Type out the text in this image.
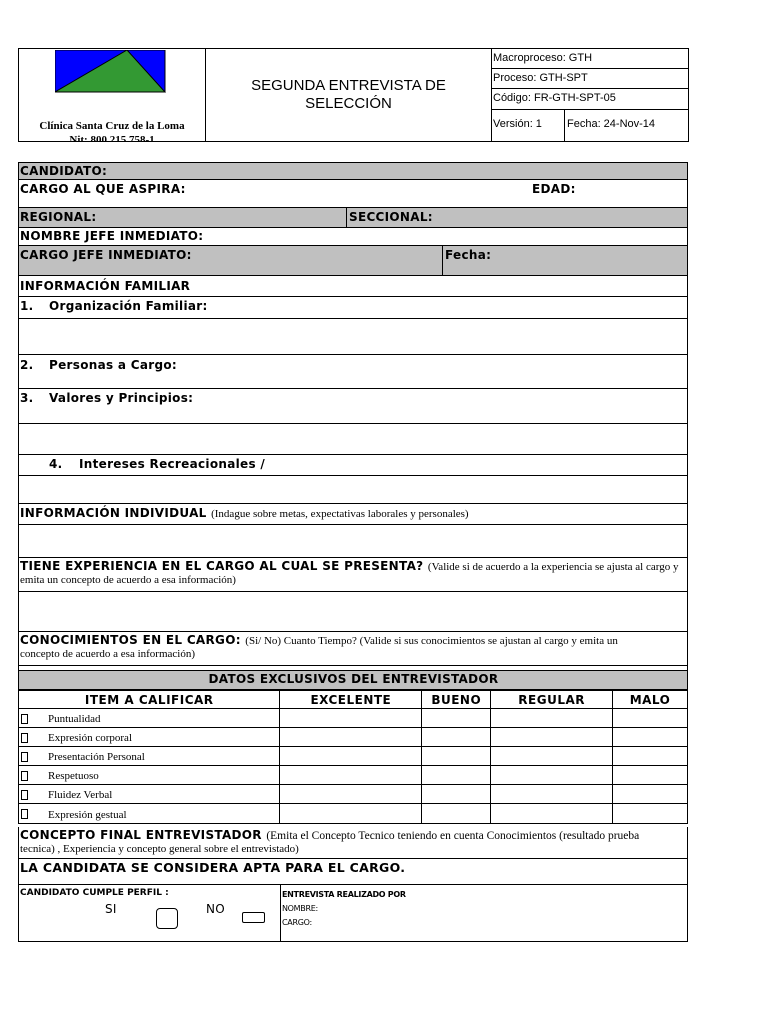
Clínica Santa Cruz de la Loma
Nit: 800 215 758-1
SEGUNDA ENTREVISTA DE
SELECCIÓN
Macroproceso: GTH
Proceso: GTH-SPT
Código: FR-GTH-SPT-05
Versión: 1	Fecha: 24-Nov-14
CANDIDATO:
CARGO AL QUE ASPIRA:	EDAD:
REGIONAL:	SECCIONAL:
NOMBRE JEFE INMEDIATO:
CARGO JEFE INMEDIATO:	Fecha:
INFORMACIÓN FAMILIAR
1. Organización Familiar:
2. Personas a Cargo:
3. Valores y Principios:
4. Intereses Recreacionales /
INFORMACIÓN INDIVIDUAL (Indague sobre metas, expectativas laborales y personales)
TIENE EXPERIENCIA EN EL CARGO AL CUAL SE PRESENTA? (Valide si de acuerdo a la experiencia se ajusta al cargo y
emita un concepto de acuerdo a esa información)
CONOCIMIENTOS EN EL CARGO: (Si/ No) Cuanto Tiempo? (Valide si sus conocimientos se ajustan al cargo y emita un
concepto de acuerdo a esa información)
DATOS EXCLUSIVOS DEL ENTREVISTADOR
ITEM A CALIFICAR	EXCELENTE	BUENO	REGULAR	MALO
Puntualidad				
Expresión corporal				
Presentación Personal				
Respetuoso				
Fluidez Verbal				
Expresión gestual				
CONCEPTO FINAL ENTREVISTADOR (Emita el Concepto Tecnico teniendo en cuenta Conocimientos (resultado prueba
tecnica) , Experiencia y concepto general sobre el entrevistado)
LA CANDIDATA SE CONSIDERA APTA PARA EL CARGO.
CANDIDATO CUMPLE PERFIL :
SI	NO
ENTREVISTA REALIZADO POR
NOMBRE:
CARGO:
